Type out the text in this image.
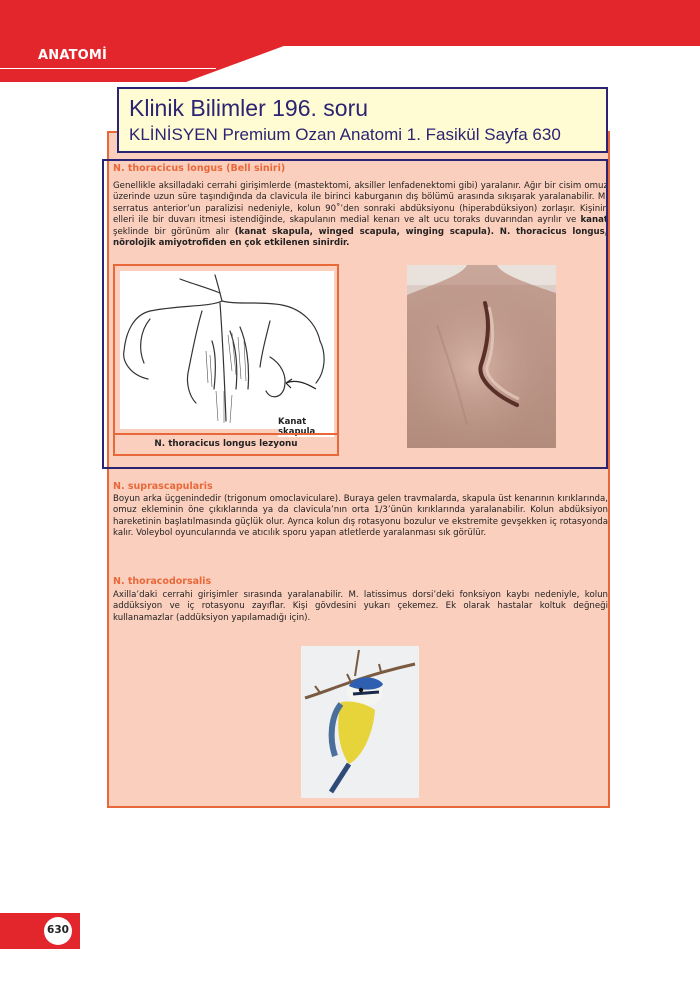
ANATOMİ
N. thoracicus longus (Bell siniri)
Genellikle aksilladaki cerrahi girişimlerde (mastektomi, aksiller lenfadenektomi gibi) yaralanır. Ağır bir cisim omuz üzerinde uzun süre taşındığında da clavicula ile birinci kaburganın dış bölümü arasında sıkışarak yaralanabilir. M. serratus anterior’un paralizisi nedeniyle, kolun 90˚’den sonraki abdüksiyonu (hiperabdüksiyon) zorlaşır. Kişinin elleri ile bir duvarı itmesi istendiğinde, skapulanın medial kenarı ve alt ucu toraks duvarından ayrılır ve kanat şeklinde bir görünüm alır (kanat skapula, winged scapula, winging scapula). N. thoracicus longus, nörolojik amiyotrofiden en çok etkilenen sinirdir.
Kanat skapula
N. thoracicus longus lezyonu
N. suprascapularis
Boyun arka üçgenindedir (trigonum omoclaviculare). Buraya gelen travmalarda, skapula üst kenarının kırıklarında, omuz ekleminin öne çıkıklarında ya da clavicula’nın orta 1/3’ünün kırıklarında yaralanabilir. Kolun abdüksiyon hareketinin başlatılmasında güçlük olur. Ayrıca kolun dış rotasyonu bozulur ve ekstremite gevşekken iç rotasyonda kalır. Voleybol oyuncularında ve atıcılık sporu yapan atletlerde yaralanması sık görülür.
N. thoracodorsalis
Axilla’daki cerrahi girişimler sırasında yaralanabilir. M. latissimus dorsi’deki fonksiyon kaybı nedeniyle, kolun addüksiyon ve iç rotasyonu zayıflar. Kişi gövdesini yukarı çekemez. Ek olarak hastalar koltuk değneği kullanamazlar (addüksiyon yapılamadığı için).
Klinik Bilimler 196. soru
KLİNİSYEN Premium Ozan Anatomi 1. Fasikül Sayfa 630
630
